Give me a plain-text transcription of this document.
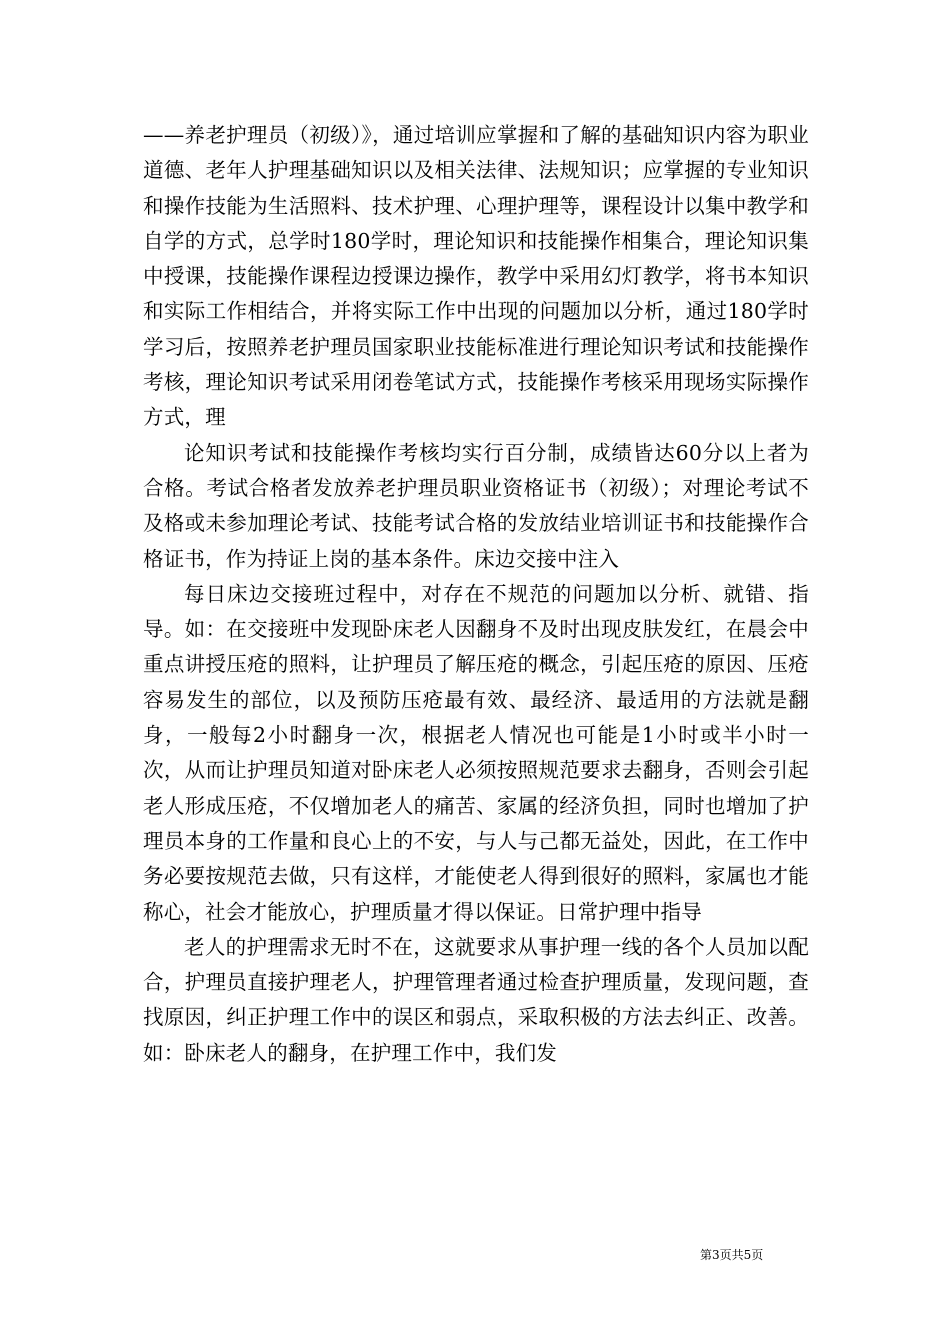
——养老护理员（初级）》，通过培训应掌握和了解的基础知识内容为职业道德、老年人护理基础知识以及相关法律、法规知识；应掌握的专业知识和操作技能为生活照料、技术护理、心理护理等，课程设计以集中教学和自学的方式，总学时180学时，理论知识和技能操作相集合，理论知识集中授课，技能操作课程边授课边操作，教学中采用幻灯教学，将书本知识和实际工作相结合，并将实际工作中出现的问题加以分析，通过180学时学习后，按照养老护理员国家职业技能标准进行理论知识考试和技能操作考核，理论知识考试采用闭卷笔试方式，技能操作考核采用现场实际操作方式，理

论知识考试和技能操作考核均实行百分制，成绩皆达60分以上者为合格。考试合格者发放养老护理员职业资格证书（初级）；对理论考试不及格或未参加理论考试、技能考试合格的发放结业培训证书和技能操作合格证书，作为持证上岗的基本条件。床边交接中注入

每日床边交接班过程中，对存在不规范的问题加以分析、就错、指导。如：在交接班中发现卧床老人因翻身不及时出现皮肤发红，在晨会中重点讲授压疮的照料，让护理员了解压疮的概念，引起压疮的原因、压疮容易发生的部位，以及预防压疮最有效、最经济、最适用的方法就是翻身，一般每2小时翻身一次，根据老人情况也可能是1小时或半小时一次，从而让护理员知道对卧床老人必须按照规范要求去翻身，否则会引起老人形成压疮，不仅增加老人的痛苦、家属的经济负担，同时也增加了护理员本身的工作量和良心上的不安，与人与己都无益处，因此，在工作中务必要按规范去做，只有这样，才能使老人得到很好的照料，家属也才能称心，社会才能放心，护理质量才得以保证。日常护理中指导

老人的护理需求无时不在，这就要求从事护理一线的各个人员加以配合，护理员直接护理老人，护理管理者通过检查护理质量，发现问题，查找原因，纠正护理工作中的误区和弱点，采取积极的方法去纠正、改善。如：卧床老人的翻身，在护理工作中，我们发

第3页共5页
